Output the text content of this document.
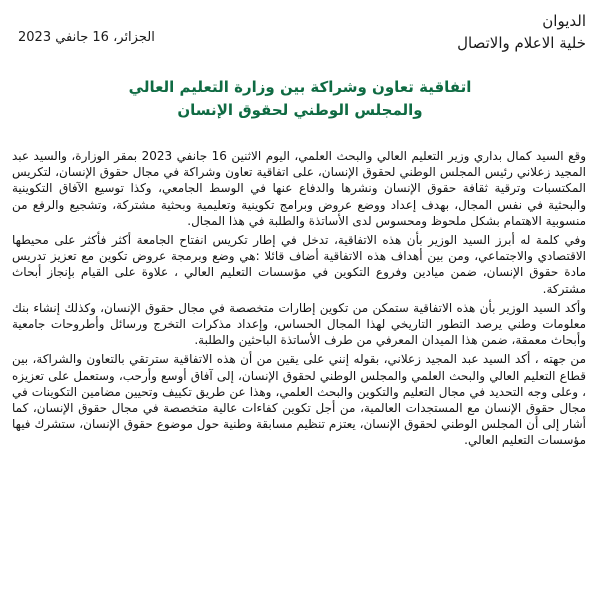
الديوان
خلية الاعلام والاتصال
الجزائر، 16 جانفي 2023
اتفاقية تعاون وشراكة بين وزارة التعليم العالي
والمجلس الوطني لحقوق الإنسان

وقع السيد كمال بداري وزير التعليم العالي والبحث العلمي، اليوم الاثنين 16 جانفي 2023 بمقر الوزارة، والسيد عبد المجيد زعلاني رئيس المجلس الوطني لحقوق الإنسان، على اتفاقية تعاون وشراكة في مجال حقوق الإنسان، لتكريس المكتسبات وترقية ثقافة حقوق الإنسان ونشرها والدفاع عنها في الوسط الجامعي، وكذا توسيع الآفاق التكوينية والبحثية في نفس المجال، بهدف إعداد ووضع عروض وبرامج تكوينية وتعليمية وبحثية مشتركة، وتشجيع والرفع من منسوبية الاهتمام بشكل ملحوظ ومحسوس لدى الأساتذة والطلبة في هذا المجال.

وفي كلمة له أبرز السيد الوزير بأن هذه الاتفاقية، تدخل في إطار تكريس انفتاح الجامعة أكثر فأكثر على محيطها الاقتصادي والاجتماعي، ومن بين أهداف هذه الاتفاقية أضاف قائلا :هي وضع وبرمجة عروض تكوين مع تعزيز تدريس مادة حقوق الإنسان، ضمن ميادين وفروع التكوين في مؤسسات التعليم العالي ، علاوة على القيام بإنجاز أبحاث مشتركة.

وأكد السيد الوزير بأن هذه الاتفاقية ستمكن من تكوين إطارات متخصصة في مجال حقوق الإنسان، وكذلك إنشاء بنك معلومات وطني يرصد التطور التاريخي لهذا المجال الحساس، وإعداد مذكرات التخرج ورسائل وأطروحات جامعية وأبحاث معمقة، ضمن هذا الميدان المعرفي من طرف الأساتذة الباحثين والطلبة.

من جهته ، أكد السيد عبد المجيد زعلاني، بقوله إنني على يقين من أن هذه الاتفاقية سترتقي بالتعاون والشراكة، بين قطاع التعليم العالي والبحث العلمي والمجلس الوطني لحقوق الإنسان، إلى آفاق أوسع وأرحب، وستعمل على تعزيزه ، وعلى وجه التحديد في مجال التعليم والتكوين والبحث العلمي، وهذا عن طريق تكييف وتحيين مضامين التكوينات في مجال حقوق الإنسان مع المستجدات العالمية، من أجل تكوين كفاءات عالية متخصصة في مجال حقوق الإنسان، كما أشار إلى أن المجلس الوطني لحقوق الإنسان، يعتزم تنظيم مسابقة وطنية حول موضوع حقوق الإنسان، ستشرك فيها مؤسسات التعليم العالي.
